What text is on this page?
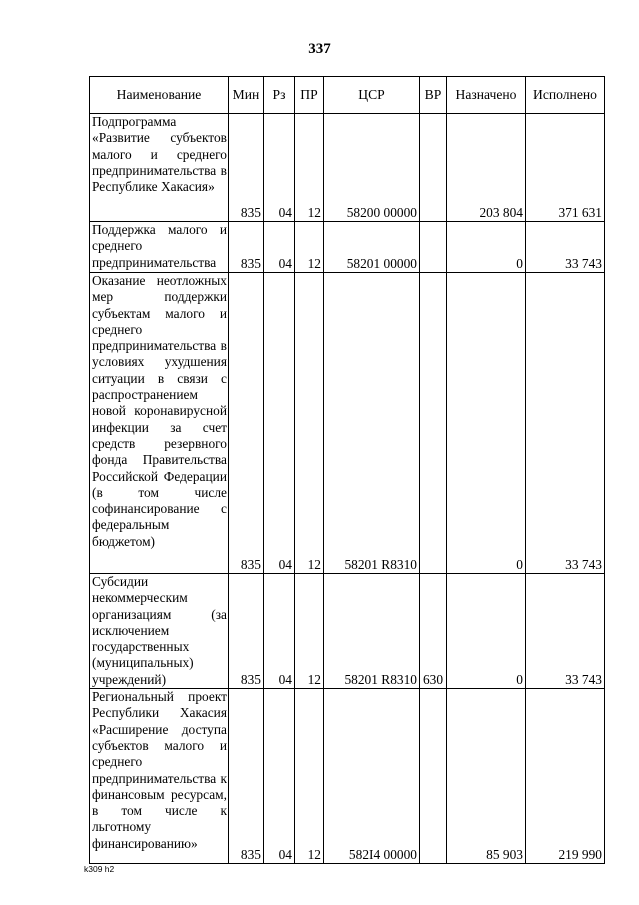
337
Наименование	Мин	Рз	ПР	ЦСР	ВР	Назначено	Исполнено
Подпрограмма «Развитие субъектов малого и среднего предпринимательства в Республике Хакасия»	835	04	12	58200 00000		203 804	371 631
Поддержка малого и среднего предпринимательства	835	04	12	58201 00000		0	33 743
Оказание неотложных мер поддержки субъектам малого и среднего предпринимательства в условиях ухудшения ситуации в связи с распространением новой коронавирусной инфекции за счет средств резервного фонда Правительства Российской Федерации (в том числе софинансирование с федеральным бюджетом)	835	04	12	58201 R8310		0	33 743
Субсидии некоммерческим организациям (за исключением государственных (муниципальных) учреждений)	835	04	12	58201 R8310	630	0	33 743
Региональный проект Республики Хакасия «Расширение доступа субъектов малого и среднего предпринимательства к финансовым ресурсам, в том числе к льготному финансированию»	835	04	12	582I4 00000		85 903	219 990
k309 h2
